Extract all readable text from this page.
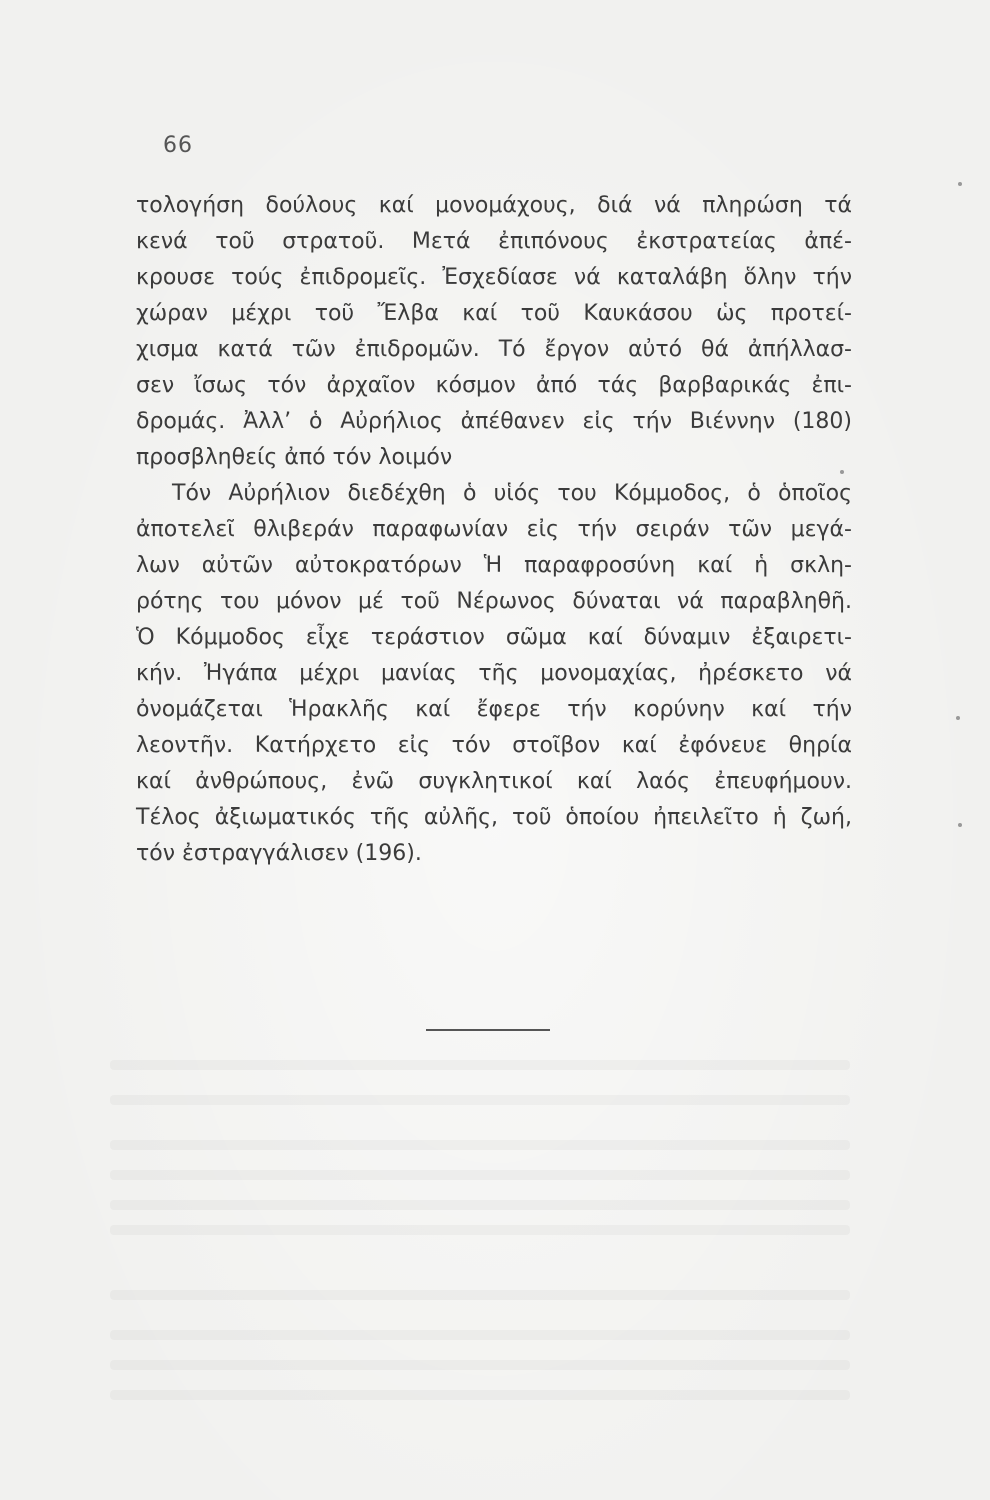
66
τολογήση δούλους καί μονομάχους, διά νά πληρώση τά
κενά τοῦ στρατοῦ. Μετά ἐπιπόνους ἐκστρατείας ἀπέ-
κρουσε τούς ἐπιδρομεῖς. Ἐσχεδίασε νά καταλάβη ὅλην τήν
χώραν μέχρι τοῦ Ἔλβα καί τοῦ Καυκάσου ὡς προτεί-
χισμα κατά τῶν ἐπιδρομῶν. Τό ἔργον αὐτό θά ἀπήλλασ-
σεν ἴσως τόν ἀρχαῖον κόσμον ἀπό τάς βαρβαρικάς ἐπι-
δρομάς. Ἀλλ’ ὁ Αὐρήλιος ἀπέθανεν εἰς τήν Βιέννην (180)
προσβληθείς ἀπό τόν λοιμόν
Τόν Αὐρήλιον διεδέχθη ὁ υἱός του Κόμμοδος, ὁ ὁποῖος
ἀποτελεῖ θλιβεράν παραφωνίαν εἰς τήν σειράν τῶν μεγά-
λων αὐτῶν αὐτοκρατόρων Ἡ παραφροσύνη καί ἡ σκλη-
ρότης του μόνον μέ τοῦ Νέρωνος δύναται νά παραβληθῆ.
Ὁ Κόμμοδος εἶχε τεράστιον σῶμα καί δύναμιν ἐξαιρετι-
κήν. Ἠγάπα μέχρι μανίας τῆς μονομαχίας, ἠρέσκετο νά
ὀνομάζεται Ἡρακλῆς καί ἔφερε τήν κορύνην καί τήν
λεοντῆν. Κατήρχετο εἰς τόν στοῖβον καί ἐφόνευε θηρία
καί ἀνθρώπους, ἐνῶ συγκλητικοί καί λαός ἐπευφήμουν.
Τέλος ἀξιωματικός τῆς αὐλῆς, τοῦ ὁποίου ἠπειλεῖτο ἡ ζωή,
τόν ἐστραγγάλισεν (196).
